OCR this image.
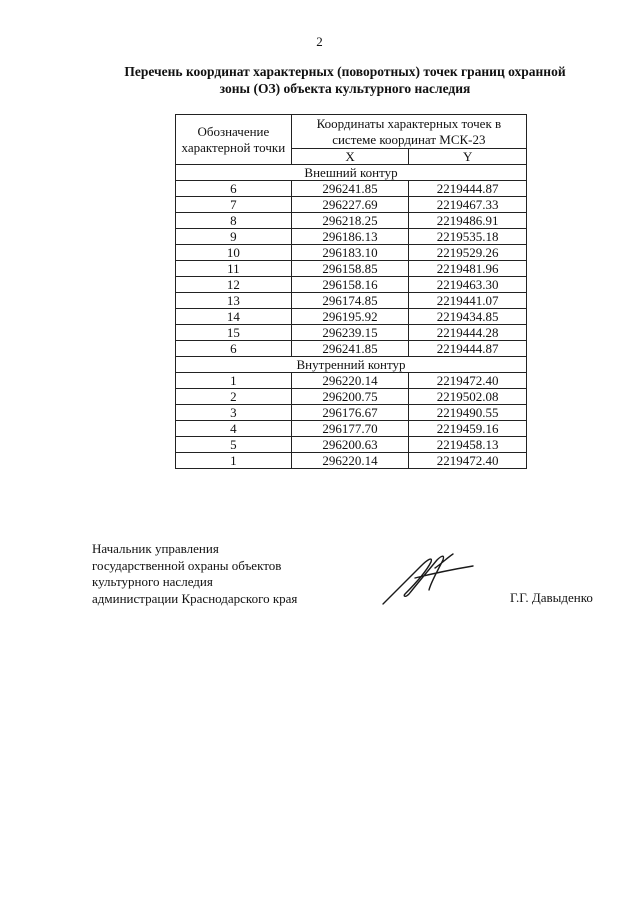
2
Перечень координат характерных (поворотных) точек границ охранной
зоны (ОЗ) объекта культурного наследия
Обозначение характерной точки	Координаты характерных точек в системе координат МСК-23	
	X	Y
Внешний контур		
6	296241.85	2219444.87
7	296227.69	2219467.33
8	296218.25	2219486.91
9	296186.13	2219535.18
10	296183.10	2219529.26
11	296158.85	2219481.96
12	296158.16	2219463.30
13	296174.85	2219441.07
14	296195.92	2219434.85
15	296239.15	2219444.28
6	296241.85	2219444.87
Внутренний контур		
1	296220.14	2219472.40
2	296200.75	2219502.08
3	296176.67	2219490.55
4	296177.70	2219459.16
5	296200.63	2219458.13
1	296220.14	2219472.40
Начальник управления
государственной охраны объектов
культурного наследия
администрации Краснодарского края	Г.Г. Давыденко
